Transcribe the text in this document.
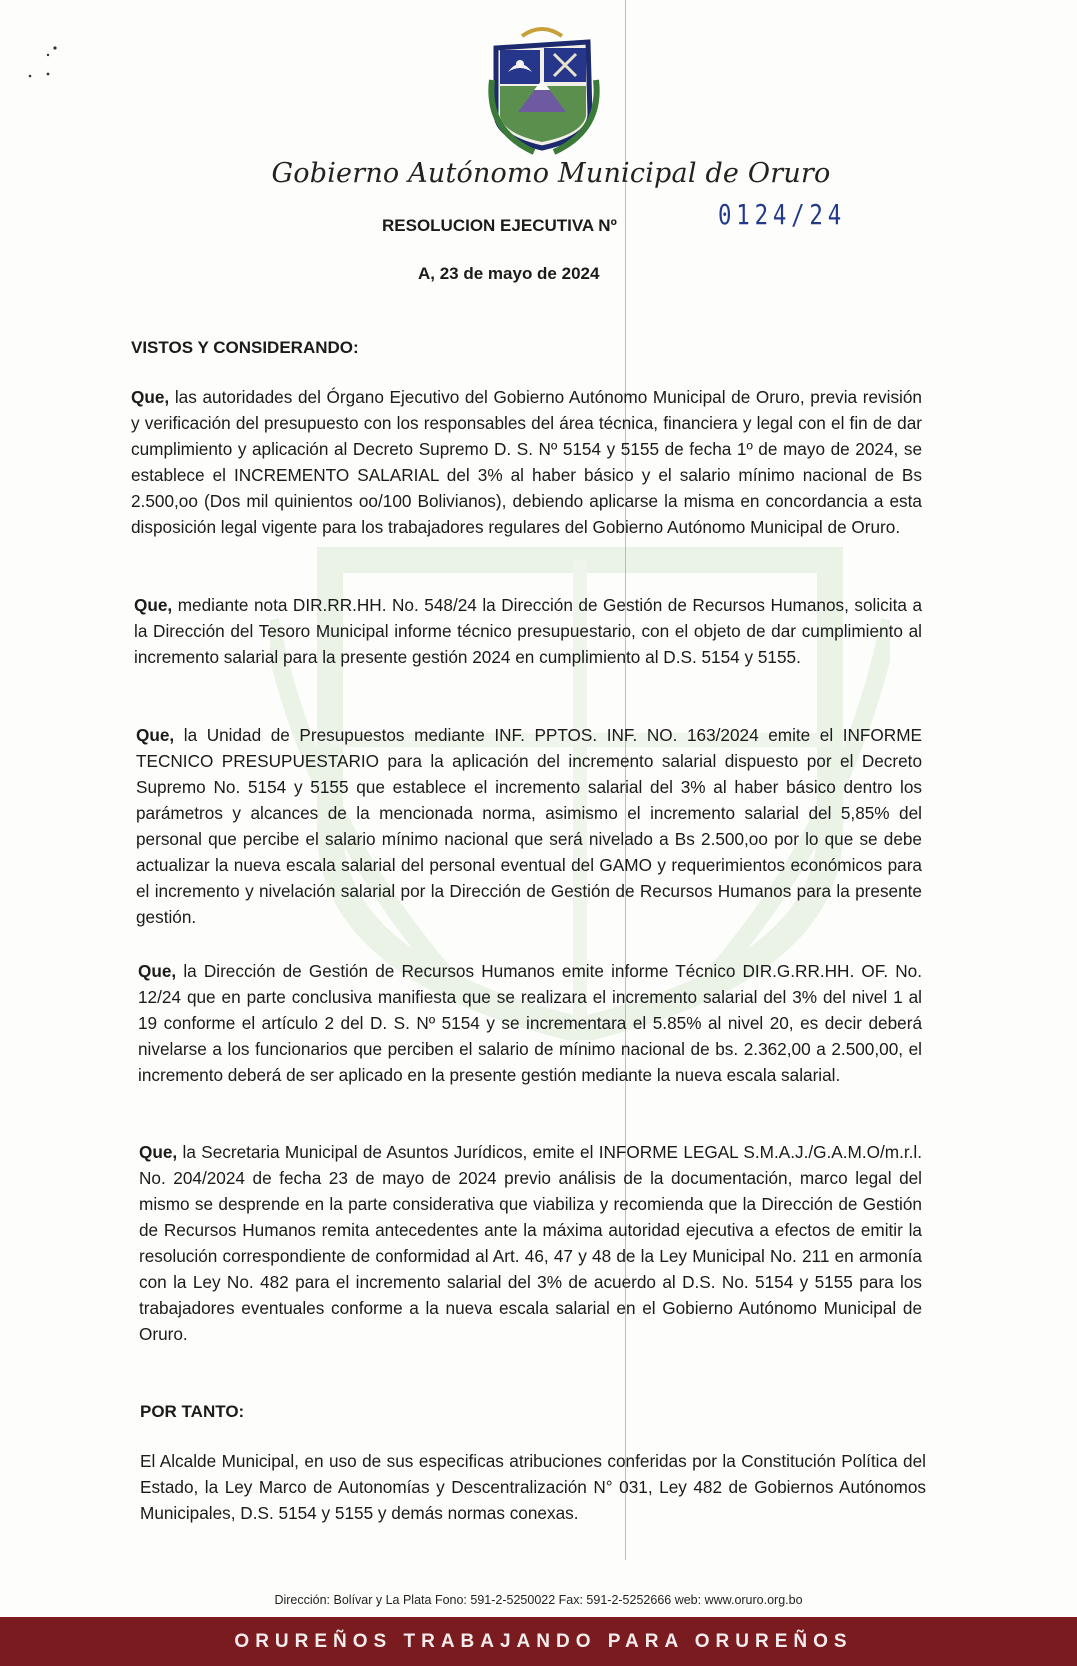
Gobierno Autónomo Municipal de Oruro
RESOLUCION EJECUTIVA Nº	0124/24
A, 23 de mayo de 2024
VISTOS Y CONSIDERANDO:
Que, las autoridades del Órgano Ejecutivo del Gobierno Autónomo Municipal de Oruro, previa revisión y verificación del presupuesto con los responsables del área técnica, financiera y legal con el fin de dar cumplimiento y aplicación al Decreto Supremo D. S. Nº 5154 y 5155 de fecha 1º de mayo de 2024, se establece el INCREMENTO SALARIAL del 3% al haber básico y el salario mínimo nacional de Bs 2.500,oo (Dos mil quinientos oo/100 Bolivianos), debiendo aplicarse la misma en concordancia a esta disposición legal vigente para los trabajadores regulares del Gobierno Autónomo Municipal de Oruro.
Que, mediante nota DIR.RR.HH. No. 548/24 la Dirección de Gestión de Recursos Humanos, solicita a la Dirección del Tesoro Municipal informe técnico presupuestario, con el objeto de dar cumplimiento al incremento salarial para la presente gestión 2024 en cumplimiento al D.S. 5154 y 5155.
Que, la Unidad de Presupuestos mediante INF. PPTOS. INF. NO. 163/2024 emite el INFORME TECNICO PRESUPUESTARIO para la aplicación del incremento salarial dispuesto por el Decreto Supremo No. 5154 y 5155 que establece el incremento salarial del 3% al haber básico dentro los parámetros y alcances de la mencionada norma, asimismo el incremento salarial del 5,85% del personal que percibe el salario mínimo nacional que será nivelado a Bs 2.500,oo por lo que se debe actualizar la nueva escala salarial del personal eventual del GAMO y requerimientos económicos para el incremento y nivelación salarial por la Dirección de Gestión de Recursos Humanos para la presente gestión.
Que, la Dirección de Gestión de Recursos Humanos emite informe Técnico DIR.G.RR.HH. OF. No. 12/24 que en parte conclusiva manifiesta que se realizara el incremento salarial del 3% del nivel 1 al 19 conforme el artículo 2 del D. S. Nº 5154 y se incrementara el 5.85% al nivel 20, es decir deberá nivelarse a los funcionarios que perciben el salario de mínimo nacional de bs. 2.362,00 a 2.500,00, el incremento deberá de ser aplicado en la presente gestión mediante la nueva escala salarial.
Que, la Secretaria Municipal de Asuntos Jurídicos, emite el INFORME LEGAL S.M.A.J./G.A.M.O/m.r.l. No. 204/2024 de fecha 23 de mayo de 2024 previo análisis de la documentación, marco legal del mismo se desprende en la parte considerativa que viabiliza y recomienda que la Dirección de Gestión de Recursos Humanos remita antecedentes ante la máxima autoridad ejecutiva a efectos de emitir la resolución correspondiente de conformidad al Art. 46, 47 y 48 de la Ley Municipal No. 211 en armonía con la Ley No. 482 para el incremento salarial del 3% de acuerdo al D.S. No. 5154 y 5155 para los trabajadores eventuales conforme a la nueva escala salarial en el Gobierno Autónomo Municipal de Oruro.
POR TANTO:
El Alcalde Municipal, en uso de sus especificas atribuciones conferidas por la Constitución Política del Estado, la Ley Marco de Autonomías y Descentralización N° 031, Ley 482 de Gobiernos Autónomos Municipales, D.S. 5154 y 5155 y demás normas conexas.
Dirección: Bolívar y La Plata Fono: 591-2-5250022 Fax: 591-2-5252666 web: www.oruro.org.bo
ORUREÑOS TRABAJANDO PARA ORUREÑOS
